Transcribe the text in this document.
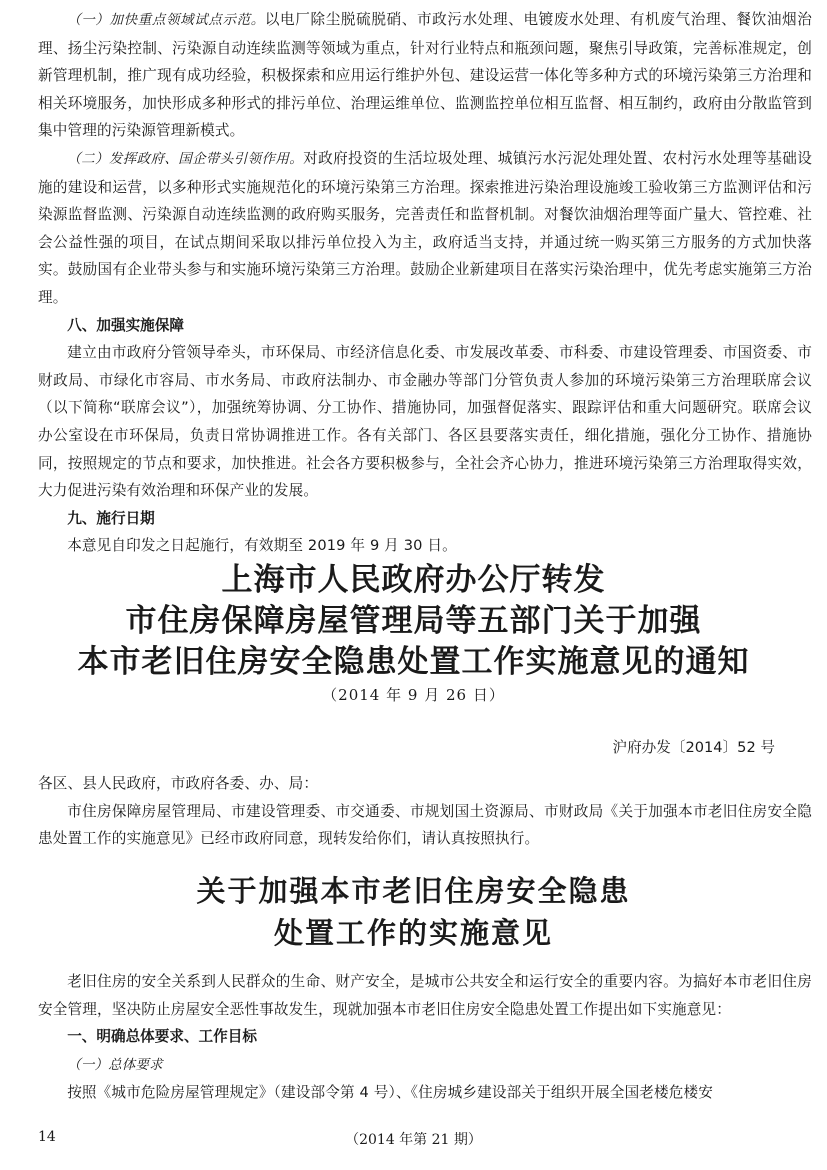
（一）加快重点领域试点示范。以电厂除尘脱硫脱硝、市政污水处理、电镀废水处理、有机废气治理、餐饮油烟治理、扬尘污染控制、污染源自动连续监测等领域为重点，针对行业特点和瓶颈问题，聚焦引导政策，完善标准规定，创新管理机制，推广现有成功经验，积极探索和应用运行维护外包、建设运营一体化等多种方式的环境污染第三方治理和相关环境服务，加快形成多种形式的排污单位、治理运维单位、监测监控单位相互监督、相互制约，政府由分散监管到集中管理的污染源管理新模式。

（二）发挥政府、国企带头引领作用。对政府投资的生活垃圾处理、城镇污水污泥处理处置、农村污水处理等基础设施的建设和运营，以多种形式实施规范化的环境污染第三方治理。探索推进污染治理设施竣工验收第三方监测评估和污染源监督监测、污染源自动连续监测的政府购买服务，完善责任和监督机制。对餐饮油烟治理等面广量大、管控难、社会公益性强的项目，在试点期间采取以排污单位投入为主，政府适当支持，并通过统一购买第三方服务的方式加快落实。鼓励国有企业带头参与和实施环境污染第三方治理。鼓励企业新建项目在落实污染治理中，优先考虑实施第三方治理。

八、加强实施保障

建立由市政府分管领导牵头，市环保局、市经济信息化委、市发展改革委、市科委、市建设管理委、市国资委、市财政局、市绿化市容局、市水务局、市政府法制办、市金融办等部门分管负责人参加的环境污染第三方治理联席会议（以下简称“联席会议”），加强统筹协调、分工协作、措施协同，加强督促落实、跟踪评估和重大问题研究。联席会议办公室设在市环保局，负责日常协调推进工作。各有关部门、各区县要落实责任，细化措施，强化分工协作、措施协同，按照规定的节点和要求，加快推进。社会各方要积极参与，全社会齐心协力，推进环境污染第三方治理取得实效，大力促进污染有效治理和环保产业的发展。

九、施行日期

本意见自印发之日起施行，有效期至 2019 年 9 月 30 日。

上海市人民政府办公厅转发
市住房保障房屋管理局等五部门关于加强
本市老旧住房安全隐患处置工作实施意见的通知
（2014 年 9 月 26 日）
沪府办发〔2014〕52 号

各区、县人民政府，市政府各委、办、局：

市住房保障房屋管理局、市建设管理委、市交通委、市规划国土资源局、市财政局《关于加强本市老旧住房安全隐患处置工作的实施意见》已经市政府同意，现转发给你们，请认真按照执行。

关于加强本市老旧住房安全隐患
处置工作的实施意见

老旧住房的安全关系到人民群众的生命、财产安全，是城市公共安全和运行安全的重要内容。为搞好本市老旧住房安全管理，坚决防止房屋安全恶性事故发生，现就加强本市老旧住房安全隐患处置工作提出如下实施意见：

一、明确总体要求、工作目标

（一）总体要求

按照《城市危险房屋管理规定》（建设部令第 4 号）、《住房城乡建设部关于组织开展全国老楼危楼安

14	（2014 年第 21 期）
